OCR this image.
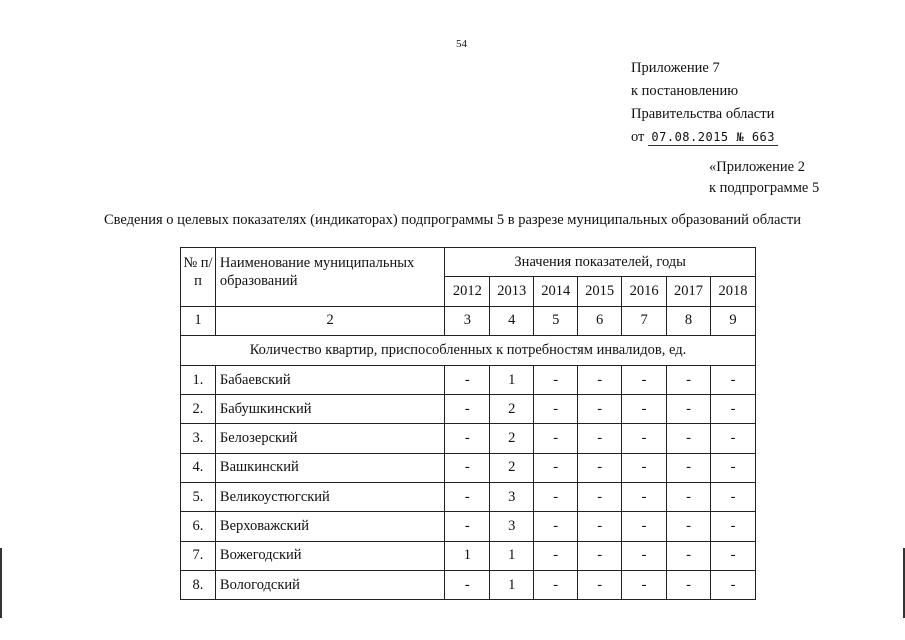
54
Приложение 7
к постановлению
Правительства области
от 07.08.2015 № 663
«Приложение 2
к подпрограмме 5
Сведения о целевых показателях (индикаторах) подпрограммы 5 в разрезе муниципальных образований области
№ п/п	Наименование муниципальных образований	Значения показателей, годы						
		2012	2013	2014	2015	2016	2017	2018
1	2	3	4	5	6	7	8	9
Количество квартир, приспособленных к потребностям инвалидов, ед.								
1.	Бабаевский	-	1	-	-	-	-	-
2.	Бабушкинский	-	2	-	-	-	-	-
3.	Белозерский	-	2	-	-	-	-	-
4.	Вашкинский	-	2	-	-	-	-	-
5.	Великоустюгский	-	3	-	-	-	-	-
6.	Верховажский	-	3	-	-	-	-	-
7.	Вожегодский	1	1	-	-	-	-	-
8.	Вологодский	-	1	-	-	-	-	-
